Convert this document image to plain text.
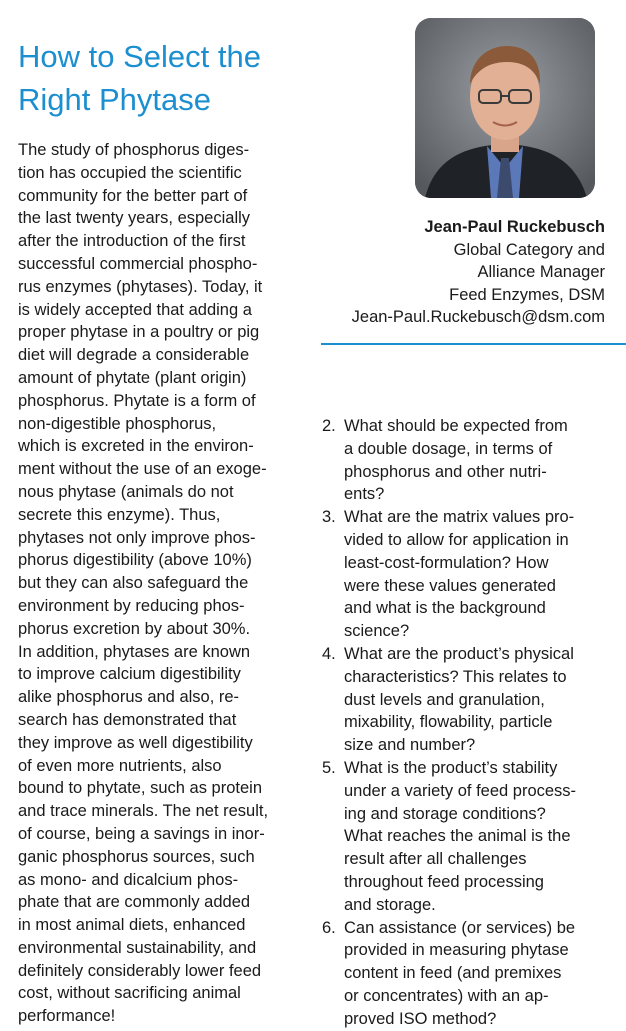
How to Select the
Right Phytase
Jean-Paul Ruckebusch
Global Category and
Alliance Manager
Feed Enzymes, DSM
Jean-Paul.Ruckebusch@dsm.com
The study of phosphorus diges-
tion has occupied the scientific
community for the better part of
the last twenty years, especially
after the introduction of the first
successful commercial phospho-
rus enzymes (phytases). Today, it
is widely accepted that adding a
proper phytase in a poultry or pig
diet will degrade a considerable
amount of phytate (plant origin)
phosphorus. Phytate is a form of
non-digestible phosphorus,
which is excreted in the environ-
ment without the use of an exoge-
nous phytase (animals do not
secrete this enzyme). Thus,
phytases not only improve phos-
phorus digestibility (above 10%)
but they can also safeguard the
environment by reducing phos-
phorus excretion by about 30%.
In addition, phytases are known
to improve calcium digestibility
alike phosphorus and also, re-
search has demonstrated that
they improve as well digestibility
of even more nutrients, also
bound to phytate, such as protein
and trace minerals. The net result,
of course, being a savings in inor-
ganic phosphorus sources, such
as mono- and dicalcium phos-
phate that are commonly added
in most animal diets, enhanced
environmental sustainability, and
definitely considerably lower feed
cost, without sacrificing animal
performance!
2. What should be expected from
a double dosage, in terms of
phosphorus and other nutri-
ents?
3. What are the matrix values pro-
vided to allow for application in
least-cost-formulation? How
were these values generated
and what is the background
science?
4. What are the product’s physical
characteristics? This relates to
dust levels and granulation,
mixability, flowability, particle
size and number?
5. What is the product’s stability
under a variety of feed process-
ing and storage conditions?
What reaches the animal is the
result after all challenges
throughout feed processing
and storage.
6. Can assistance (or services) be
provided in measuring phytase
content in feed (and premixes
or concentrates) with an ap-
proved ISO method?
